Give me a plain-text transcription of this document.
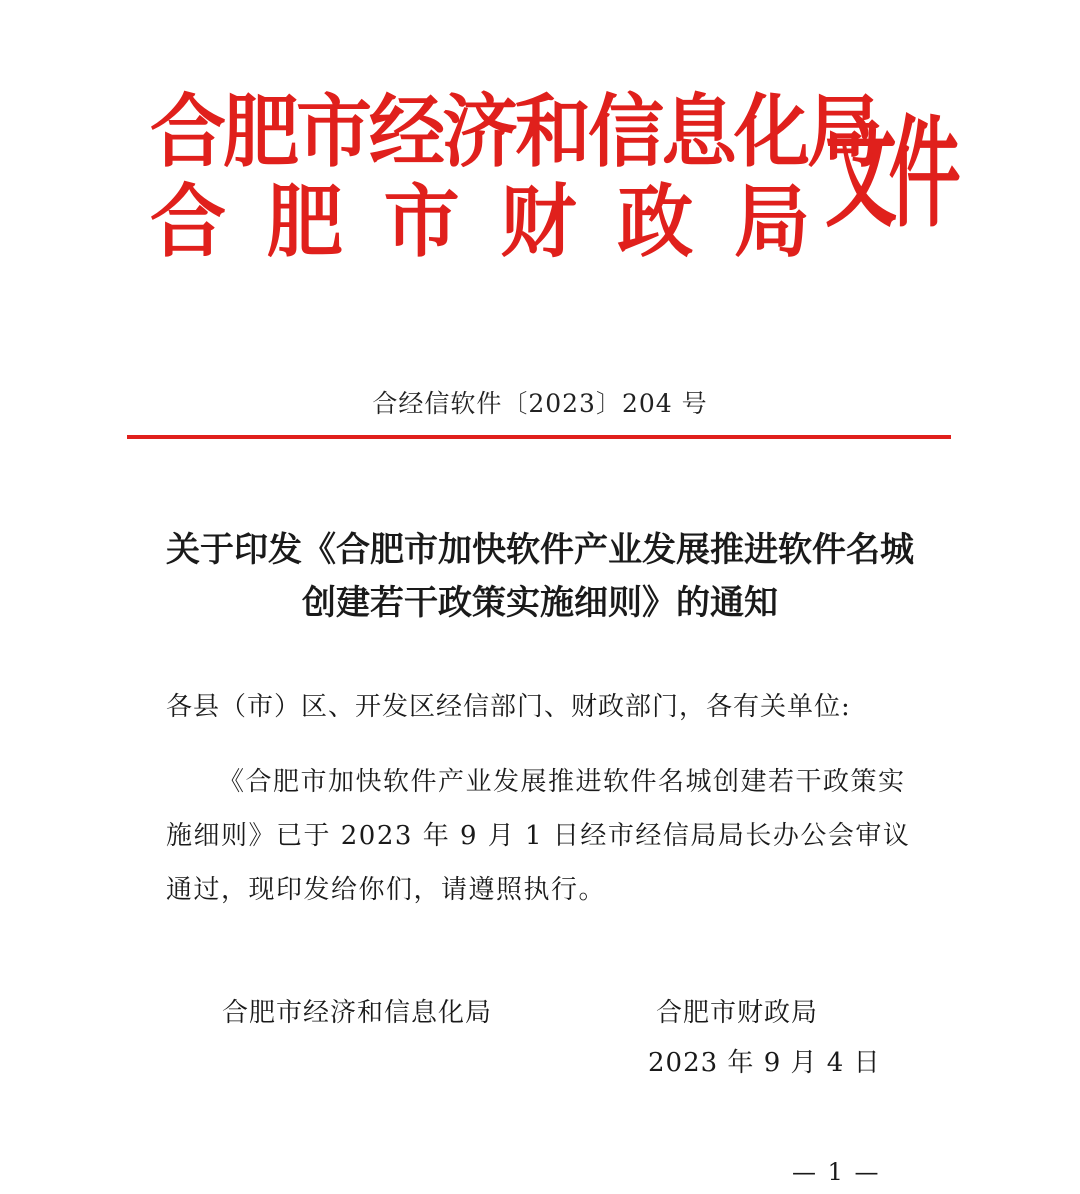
合肥市经济和信息化局
合 肥 市 财 政 局 文件
合经信软件〔2023〕204 号
关于印发《合肥市加快软件产业发展推进软件名城创建若干政策实施细则》的通知
各县（市）区、开发区经信部门、财政部门，各有关单位:
《合肥市加快软件产业发展推进软件名城创建若干政策实施细则》已于 2023 年 9 月 1 日经市经信局局长办公会审议通过，现印发给你们，请遵照执行。
合肥市经济和信息化局	合肥市财政局
2023 年 9 月 4 日
— 1 —
